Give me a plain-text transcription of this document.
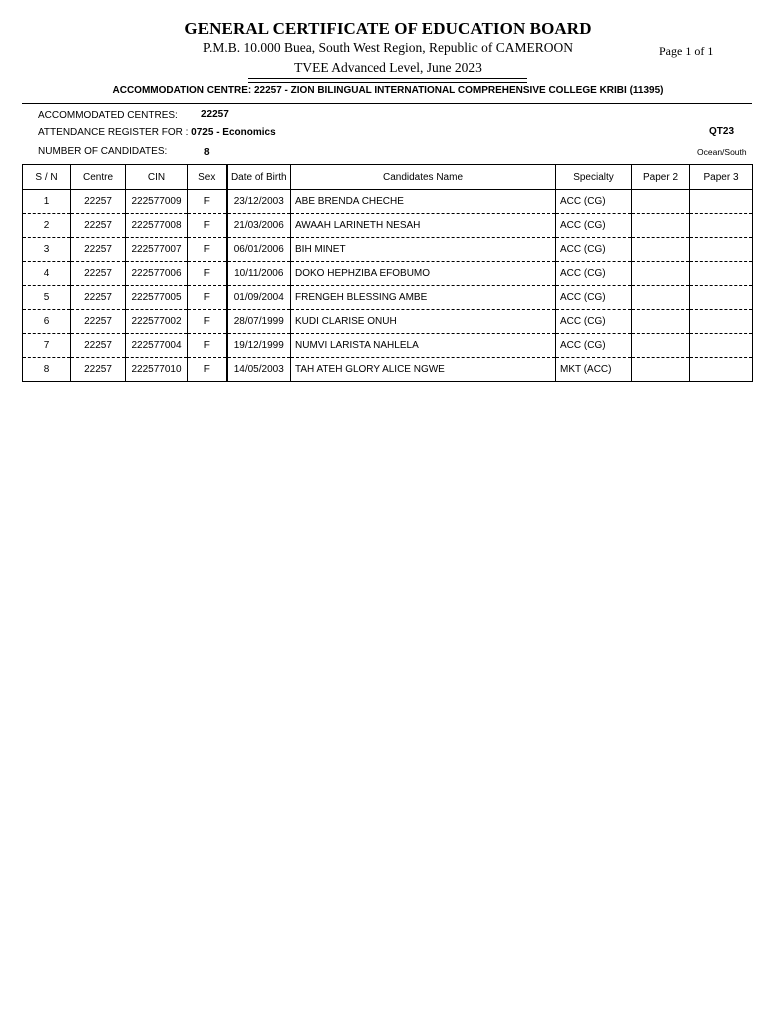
GENERAL CERTIFICATE OF EDUCATION BOARD
P.M.B. 10.000 Buea, South West Region, Republic of CAMEROON
TVEE Advanced Level, June 2023
Page 1 of 1
ACCOMMODATION CENTRE: 22257 - ZION BILINGUAL INTERNATIONAL COMPREHENSIVE COLLEGE KRIBI (11395)
ACCOMMODATED CENTRES: 22257
ATTENDANCE REGISTER FOR : 0725 - Economics	QT23
NUMBER OF CANDIDATES:	8	Ocean/South
S / N	Centre	CIN	Sex	Date of Birth	Candidates Name	Specialty	Paper 2	Paper 3
1	22257	222577009	F	23/12/2003	ABE BRENDA CHECHE	ACC (CG)		
2	22257	222577008	F	21/03/2006	AWAAH LARINETH NESAH	ACC (CG)		
3	22257	222577007	F	06/01/2006	BIH MINET	ACC (CG)		
4	22257	222577006	F	10/11/2006	DOKO HEPHZIBA EFOBUMO	ACC (CG)		
5	22257	222577005	F	01/09/2004	FRENGEH BLESSING AMBE	ACC (CG)		
6	22257	222577002	F	28/07/1999	KUDI CLARISE ONUH	ACC (CG)		
7	22257	222577004	F	19/12/1999	NUMVI LARISTA NAHLELA	ACC (CG)		
8	22257	222577010	F	14/05/2003	TAH ATEH GLORY ALICE NGWE	MKT (ACC)		
